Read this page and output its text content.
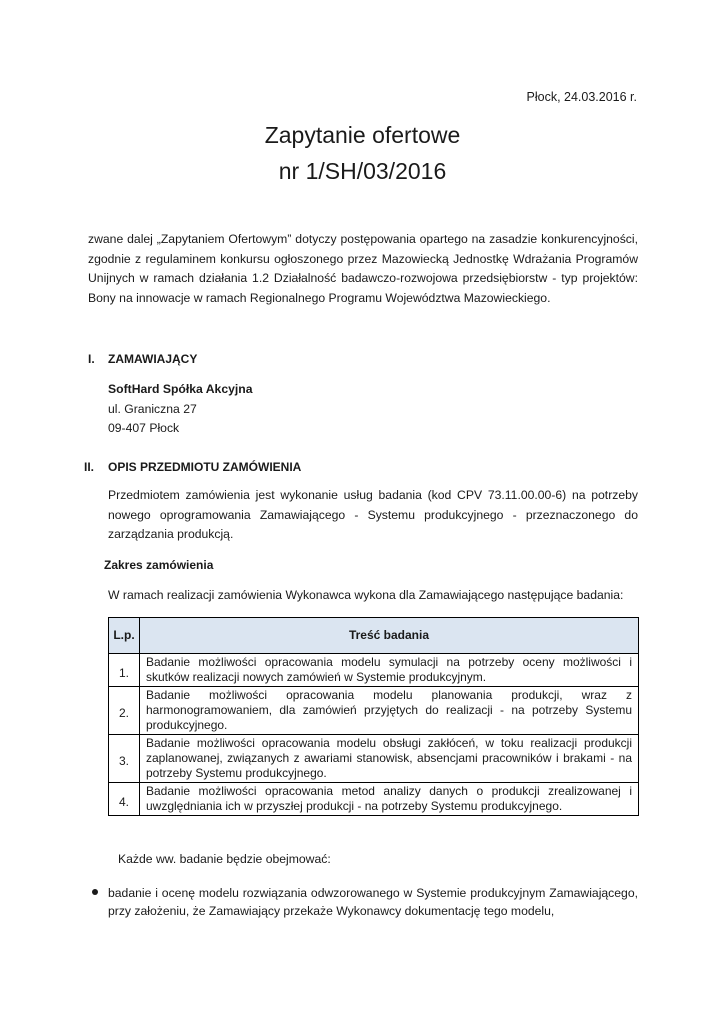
Płock, 24.03.2016 r.
Zapytanie ofertowe
nr 1/SH/03/2016
zwane dalej „Zapytaniem Ofertowym” dotyczy postępowania opartego na zasadzie konkurencyjności, zgodnie z regulaminem konkursu ogłoszonego przez Mazowiecką Jednostkę Wdrażania Programów Unijnych w ramach działania 1.2 Działalność badawczo-rozwojowa przedsiębiorstw - typ projektów: Bony na innowacje w ramach Regionalnego Programu Województwa Mazowieckiego.
I. ZAMAWIAJĄCY
SoftHard Spółka Akcyjna
ul. Graniczna 27
09-407 Płock
II. OPIS PRZEDMIOTU ZAMÓWIENIA
Przedmiotem zamówienia jest wykonanie usług badania (kod CPV 73.11.00.00-6) na potrzeby nowego oprogramowania Zamawiającego - Systemu produkcyjnego - przeznaczonego do zarządzania produkcją.
Zakres zamówienia
W ramach realizacji zamówienia Wykonawca wykona dla Zamawiającego następujące badania:
L.p.	Treść badania
1.	Badanie możliwości opracowania modelu symulacji na potrzeby oceny możliwości i skutków realizacji nowych zamówień w Systemie produkcyjnym.
2.	Badanie możliwości opracowania modelu planowania produkcji, wraz z harmonogramowaniem, dla zamówień przyjętych do realizacji - na potrzeby Systemu produkcyjnego.
3.	Badanie możliwości opracowania modelu obsługi zakłóceń, w toku realizacji produkcji zaplanowanej, związanych z awariami stanowisk, absencjami pracowników i brakami - na potrzeby Systemu produkcyjnego.
4.	Badanie możliwości opracowania metod analizy danych o produkcji zrealizowanej i uwzględniania ich w przyszłej produkcji - na potrzeby Systemu produkcyjnego.
Każde ww. badanie będzie obejmować:
badanie i ocenę modelu rozwiązania odwzorowanego w Systemie produkcyjnym Zamawiającego, przy założeniu, że Zamawiający przekaże Wykonawcy dokumentację tego modelu,
